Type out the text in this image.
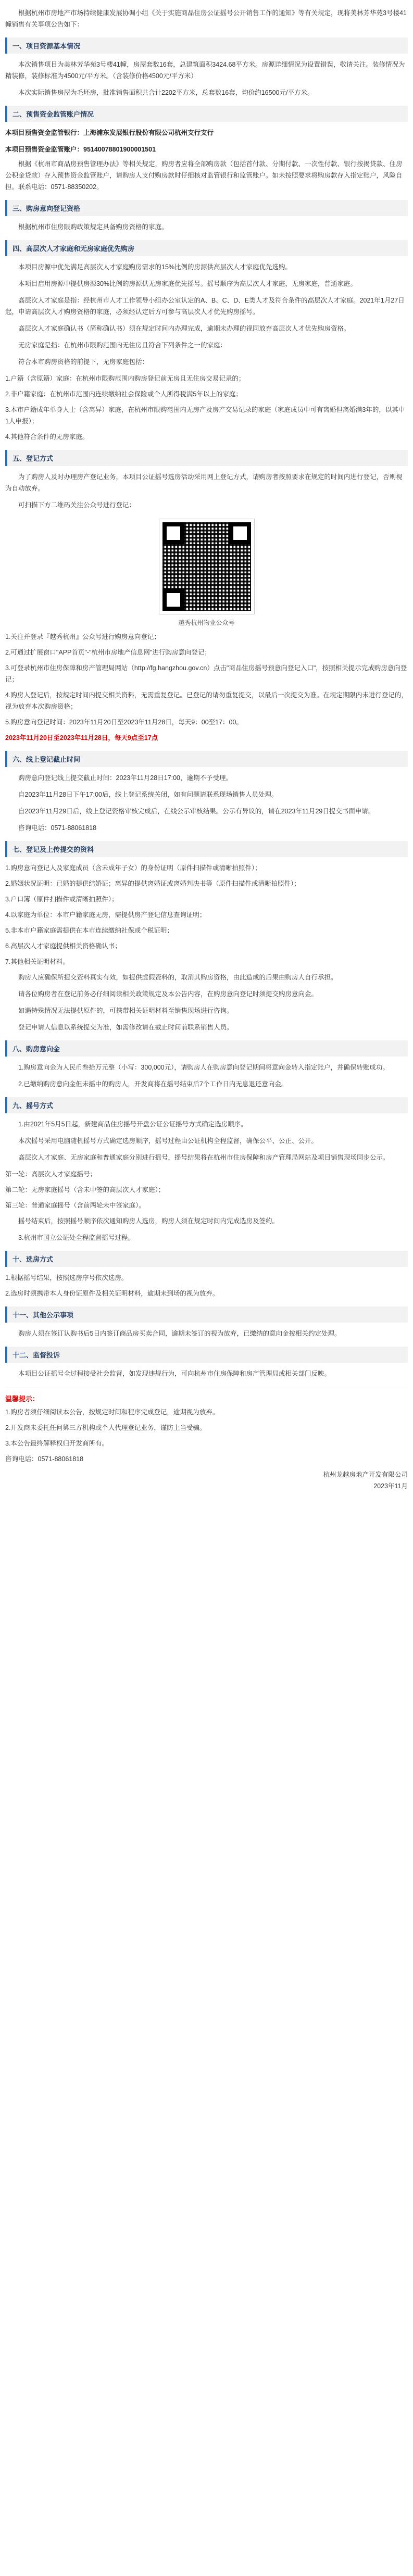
根据杭州市房地产市场持续健康发展协调小组《关于实施商品住房公证摇号公开销售工作的通知》等有关规定，现将美林芳华苑3号楼41幢销售有关事项公告如下：

一、项目资源基本情况

本次销售项目为美林芳华苑3号楼41幢，房屋套数16套，总建筑面积3424.68平方米。房源详细情况为设置错误，敬请关注。装修情况为精装修，装修标准为4500元/平方米。（含装修价格4500元/平方米）

本次实际销售房屋为毛坯房，批准销售面积共合计2202平方米，总套数16套，均价约16500元/平方米。

二、预售资金监管账户情况

本项目预售资金监管银行：上海浦东发展银行股份有限公司杭州支行支行

本项目预售资金监管账户：95140078801900001501

根据《杭州市商品房预售管理办法》等相关规定，购房者应将全部购房款（包括首付款、分期付款、一次性付款、银行按揭贷款、住房公积金贷款）存入预售资金监管账户，请购房人支付购房款时仔细核对监管银行和监管账户。如未按照要求将购房款存入指定账户，风险自担。联系电话：0571-88350202。

三、购房意向登记资格

根据杭州市住房限购政策规定具备购房资格的家庭。

四、高层次人才家庭和无房家庭优先购房

本项目房源中优先满足高层次人才家庭购房需求的15%比例的房源供高层次人才家庭优先选购。

本项目启用房源中提供房源30%比例的房源供无房家庭优先摇号。摇号顺序为高层次人才家庭，无房家庭，普通家庭。

高层次人才家庭是指：经杭州市人才工作领导小组办公室认定的A、B、C、D、E类人才及符合条件的高层次人才家庭。2021年1月27日起，申请高层次人才购房资格的家庭，必须经认定后方可参与高层次人才优先购房摇号。

高层次人才家庭确认书（简称确认书）须在规定时间内办理完成，逾期未办理的视同放弃高层次人才优先购房资格。

无房家庭是指：在杭州市限购范围内无住房且符合下列条件之一的家庭：

符合本市购房资格的前提下，无房家庭包括：

1.户籍（含原籍）家庭：在杭州市限购范围内购房登记前无房且无住房交易记录的；

2.非户籍家庭：在杭州市范围内连续缴纳社会保险或个人所得税满5年以上的家庭；

3.本市户籍成年单身人士（含离异）家庭，在杭州市限购范围内无房产及房产交易记录的家庭（家庭成员中可有离婚但离婚满3年的，以其中1人申报）；

4.其他符合条件的无房家庭。

五、登记方式

为了购房人及时办理房产登记业务，本项目公证摇号选房活动采用网上登记方式，请购房者按照要求在规定的时间内进行登记，否则视为自动放弃。

可扫描下方二维码关注公众号进行登记：

越秀杭州物业公众号

1.关注并登录『越秀杭州』公众号进行购房意向登记；

2.可通过扩展窗口"APP首页"-"杭州市房地产信息网"进行购房意向登记；

3.可登录杭州市住房保障和房产管理局网站（http://fg.hangzhou.gov.cn）点击"商品住房摇号预意向登记入口"，按照相关提示完成购房意向登记；

4.购房人登记后，按规定时间内提交相关资料，无需重复登记。已登记的请勿重复提交，以最后一次提交为准。在规定期限内未进行登记的，视为放弃本次购房资格；

5.购房意向登记时间：2023年11月20日至2023年11月28日，每天9：00至17：00。

2023年11月20日至2023年11月28日，每天9点至17点

六、线上登记截止时间

购房意向登记线上提交截止时间：2023年11月28日17:00，逾期不予受理。

自2023年11月28日下午17:00后，线上登记系统关闭，如有问题请联系现场销售人员处理。

自2023年11月29日后，线上登记资格审核完成后，在线公示审核结果。公示有异议的，请在2023年11月29日提交书面申请。

咨询电话：0571-88061818

七、登记及上传提交的资料

1.购房意向登记人及家庭成员（含未成年子女）的身份证明（原件扫描件或清晰拍照件）；

2.婚姻状况证明：已婚的提供结婚证；离异的提供离婚证或离婚判决书等（原件扫描件或清晰拍照件）；

3.户口簿（原件扫描件或清晰拍照件）；

4.以家庭为单位：本市户籍家庭无房，需提供房产登记信息查询证明；

5.非本市户籍家庭需提供在本市连续缴纳社保或个税证明；

6.高层次人才家庭提供相关资格确认书；

7.其他相关证明材料。

购房人应确保所提交资料真实有效，如提供虚假资料的，取消其购房资格，由此造成的后果由购房人自行承担。

请各位购房者在登记前务必仔细阅读相关政策规定及本公告内容，在购房意向登记时须提交购房意向金。

如遇特殊情况无法提供原件的，可携带相关证明材料至销售现场进行咨询。

登记申请人信息以系统提交为准，如需修改请在截止时间前联系销售人员。

八、购房意向金

1.购房意向金为人民币叁拾万元整（小写：300,000元），请购房人在购房意向登记期间将意向金转入指定账户，并确保转账成功。

2.已缴纳购房意向金但未摇中的购房人，开发商将在摇号结束后7个工作日内无息退还意向金。

九、摇号方式

1.由2021年5月5日起，新建商品住房摇号开盘公证公证摇号方式确定选房顺序。

本次摇号采用电脑随机摇号方式确定选房顺序，摇号过程由公证机构全程监督，确保公平、公正、公开。

高层次人才家庭、无房家庭和普通家庭分别进行摇号，摇号结果将在杭州市住房保障和房产管理局网站及项目销售现场同步公示。

第一轮：高层次人才家庭摇号；

第二轮：无房家庭摇号（含未中签的高层次人才家庭）；

第三轮：普通家庭摇号（含前两轮未中签家庭）。

摇号结束后，按照摇号顺序依次通知购房人选房，购房人须在规定时间内完成选房及签约。

3.杭州市国立公证处全程监督摇号过程。

十、选房方式

1.根据摇号结果，按照选房序号依次选房。

2.选房时须携带本人身份证原件及相关证明材料，逾期未到场的视为放弃。

十一、其他公示事项

购房人须在签订认购书后5日内签订商品房买卖合同，逾期未签订的视为放弃，已缴纳的意向金按相关约定处理。

十二、监督投诉

本项目公证摇号全过程接受社会监督，如发现违规行为，可向杭州市住房保障和房产管理局或相关部门反映。

温馨提示：

1.购房者须仔细阅读本公告，按规定时间和程序完成登记，逾期视为放弃。

2.开发商未委托任何第三方机构或个人代理登记业务，谨防上当受骗。

3.本公告最终解释权归开发商所有。

咨询电话：0571-88061818

杭州龙越房地产开发有限公司
2023年11月
